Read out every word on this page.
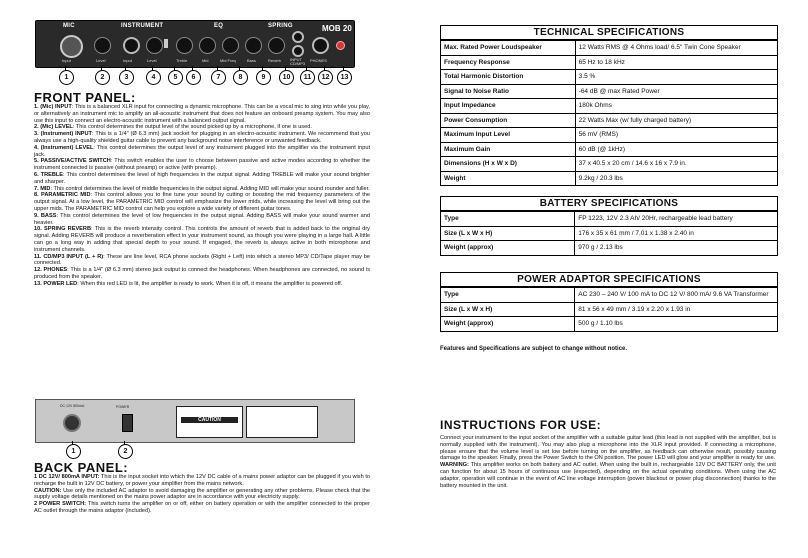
MIC	INSTRUMENT	EQ	SPRING	MOB 20
Input	Level	Input	Level	Treble	Mid	Mid Freq	Bass	Reverb INPUT
CD/MP3
PHONES
1	2	3	4	5	6	7	8	9	10	11	12	13
FRONT PANEL:
1. (Mic) INPUT: This is a balanced XLR input for connecting a dynamic microphone. This can be a vocal mic to sing into while you play, or alternatively an instrument mic to amplify an all-acoustic instrument that does not feature an onboard preamp system. You may also use this input to connect an electro-acoustic instrument with a balanced output signal.
2. (Mic) LEVEL: This control determines the output level of the sound picked up by a microphone, if one is used.
3. (Instrument) INPUT: This is a 1/4" (Ø 6.3 mm) jack socket for plugging in an electro-acoustic instrument. We recommend that you always use a high-quality shielded guitar cable to prevent any background noise interference or unwanted feedback.
4. (Instrument) LEVEL: This control determines the output level of any instrument plugged into the amplifier via the instrument input jack.
5. PASSIVE/ACTIVE SWITCH: This switch enables the user to choose between passive and active modes according to whether the instrument connected is passive (without preamp) or active (with preamp).
6. TREBLE: This control determines the level of high frequencies in the output signal. Adding TREBLE will make your sound brighter and sharper.
7. MID: This control determines the level of middle frequencies in the output signal. Adding MID will make your sound rounder and fuller.
8. PARAMETRIC MID: This control allows you to fine tune your sound by cutting or boosting the mid frequency parameters of the output signal. At a low level, the PARAMETRIC MID control will emphasize the lower mids, while increasing the level will bring out the upper mids. The PARAMETRIC MID control can help you explore a wide variety of different guitar tones.
9. BASS: This control determines the level of low frequencies in the output signal. Adding BASS will make your sound warmer and heavier.
10. SPRING REVERB: This is the reverb intensity control. This controls the amount of reverb that is added back to the original dry signal. Adding REVERB will produce a reverberation effect in your instrument sound, as though you were playing in a large hall. A little can go a long way in adding that special depth to your sound. If engaged, the reverb is always active in both microphone and instrument channels.
11. CD/MP3 INPUT (L + R): These are line level, RCA phone sockets (Right + Left) into which a stereo MP3/ CD/Tape player may be connected.
12. PHONES: This is a 1/4" (Ø 6.3 mm) stereo jack output to connect the headphones. When headphones are connected, no sound is produced from the speaker.
13. POWER LED: When this red LED is lit, the amplifier is ready to work. When it is off, it means the amplifier is powered off.
DC 12V 800mA	POWER
CAUTION
1	2
BACK PANEL:
1 DC 12V/ 800mA INPUT: This is the input socket into which the 12V DC cable of a mains power adaptor can be plugged if you wish to recharge the built in 12V DC battery, or power your amplifier from the mains network.
CAUTION: Use only the included AC adaptor to avoid damaging the amplifier or generating any other problems. Please check that the supply voltage details mentioned on the mains power adaptor are in accordance with your electricity supply.
2 POWER SWITCH: This switch turns the amplifier on or off, either on battery operation or with the amplifier connected to the proper AC outlet through the mains adaptor (included).
TECHNICAL SPECIFICATIONS
Max. Rated Power Loudspeaker	12 Watts RMS @ 4 Ohms load/ 6.5" Twin Cone Speaker
Frequency Response	65 Hz to 18 kHz
Total Harmonic Distortion	3.5 %
Signal to Noise Ratio	-64 dB @ max Rated Power
Input Impedance	180k Ohms
Power Consumption	22 Watts Max (w/ fully charged battery)
Maximum Input Level	56 mV (RMS)
Maximum Gain	60 dB (@ 1kHz)
Dimensions (H x W x D)	37 x 40.5 x 20 cm / 14.6 x 16 x 7.9 in.
Weight	9.2kg / 20.3 lbs
BATTERY SPECIFICATIONS
Type	FP 1223, 12V 2.3 Ah/ 20Hr, rechargeable lead battery
Size (L x W x H)	176 x 35 x 61 mm / 7.01 x 1.38 x 2.40 in
Weight (approx)	970 g / 2.13 lbs
POWER ADAPTOR SPECIFICATIONS
Type	AC 230 – 240 V/ 100 mA to DC 12 V/ 800 mA/ 9.6 VA Transformer
Size (L x W x H)	81 x 56 x 49 mm / 3.19 x 2.20 x 1.93 in
Weight (approx)	500 g / 1.10 lbs
Features and Specifications are subject to change without notice.
INSTRUCTIONS FOR USE:
Connect your instrument to the input socket of the amplifier with a suitable guitar lead (this lead is not supplied with the amplifier, but is normally supplied with the instrument). You may also plug a microphone into the XLR input provided. If connecting a microphone, please ensure that the volume level is set low before turning on the amplifier, as feedback can otherwise result, possibly causing damage to the speaker. Finally, press the Power Switch to the ON position. The power LED will glow and your amplifier is ready for use.
WARNING: This amplifier works on both battery and AC outlet. When using the built in, rechargeable 12V DC BATTERY only, the unit can function for about 15 hours of continuous use (expected), depending on the actual operating conditions. When using the AC adaptor, operation will continue in the event of AC line voltage interruption (power blackout or power plug disconnection) thanks to the battery mounted in the unit.
